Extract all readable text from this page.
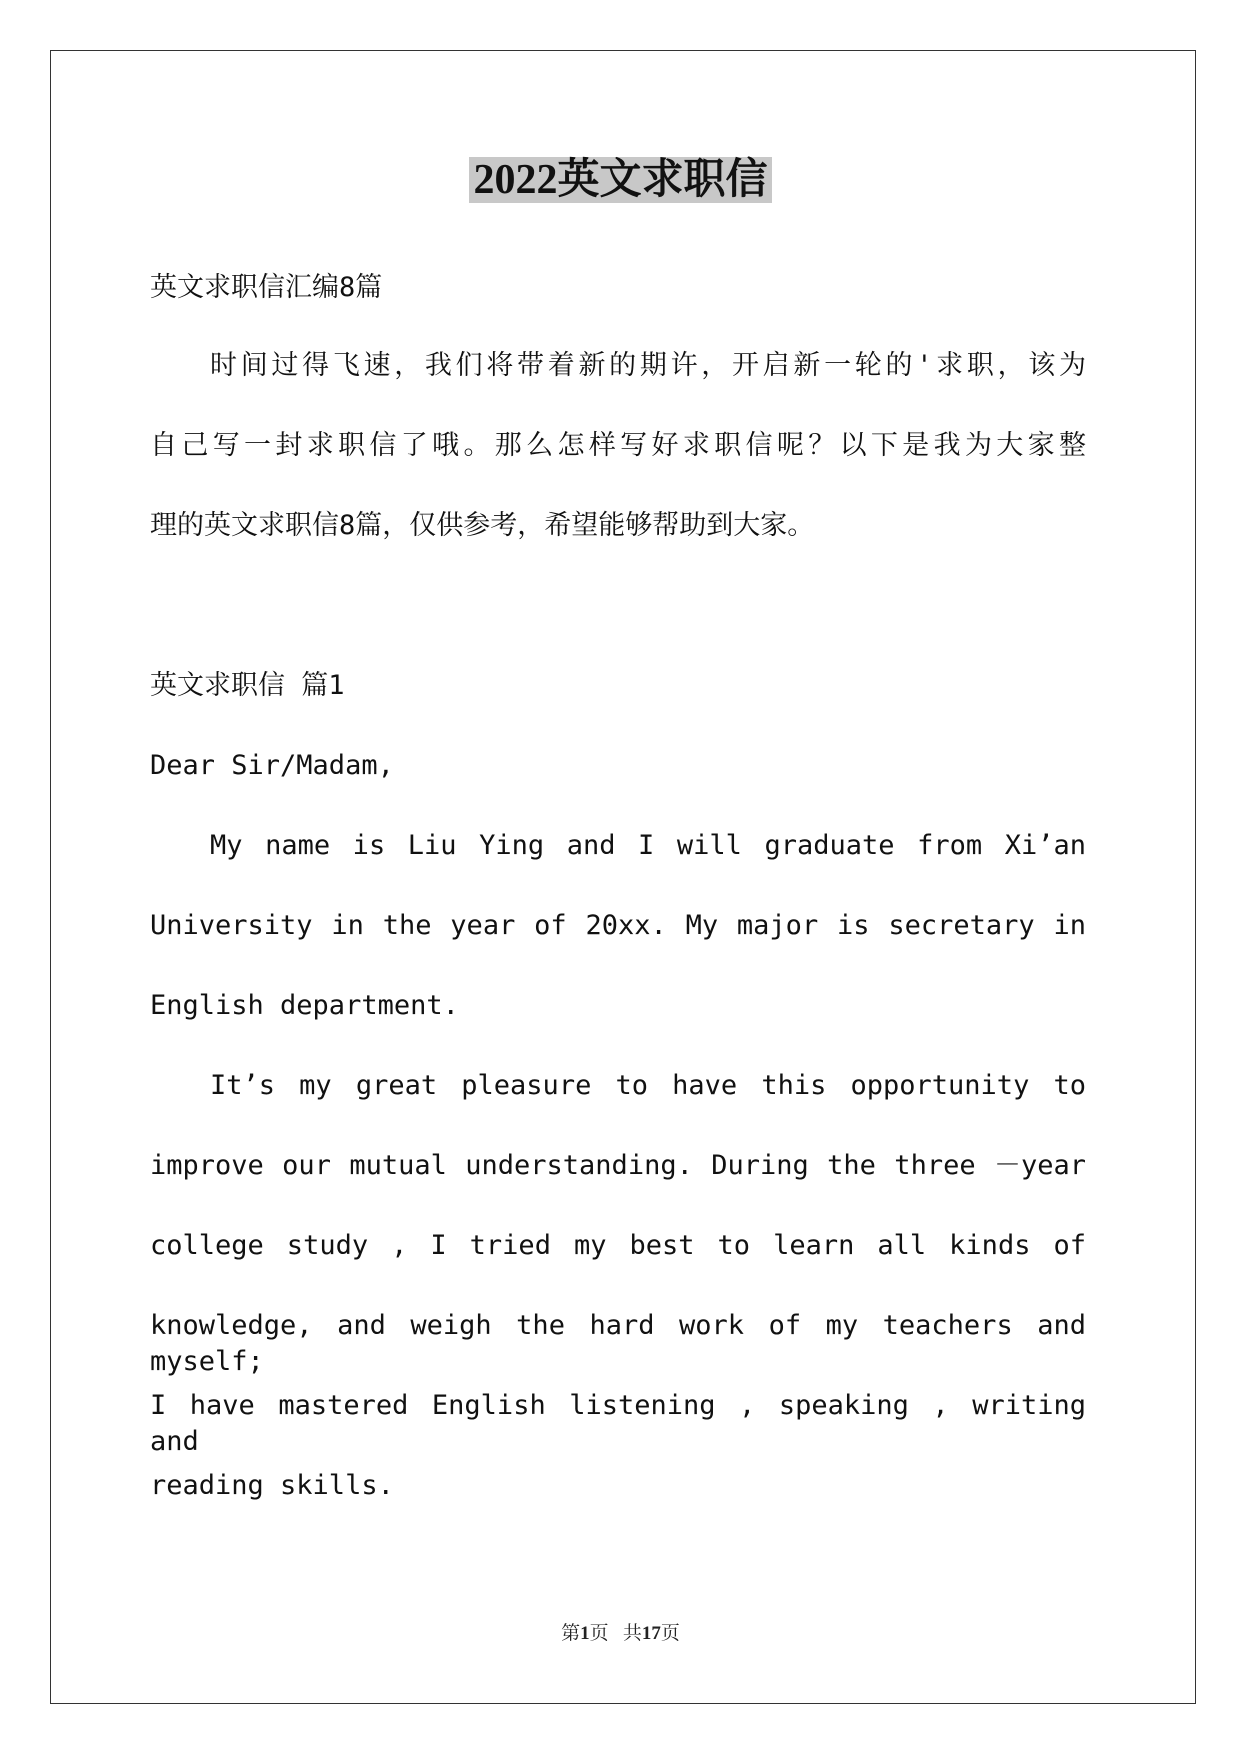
2022英文求职信
英文求职信汇编8篇
时间过得飞速，我们将带着新的期许，开启新一轮的'求职，该为
自己写一封求职信了哦。那么怎样写好求职信呢？以下是我为大家整
理的英文求职信8篇，仅供参考，希望能够帮助到大家。
英文求职信 篇1
Dear Sir/Madam,
My name is Liu Ying and I will graduate from Xi’an
University in the year of 20xx. My major is secretary in
English department.
It’s my great pleasure to have this opportunity to
improve our mutual understanding. During the three －year
college study , I tried my best to learn all kinds of
knowledge, and weigh the hard work of my teachers and myself;
I have mastered English listening , speaking , writing and
reading skills.
第1页 共17页
